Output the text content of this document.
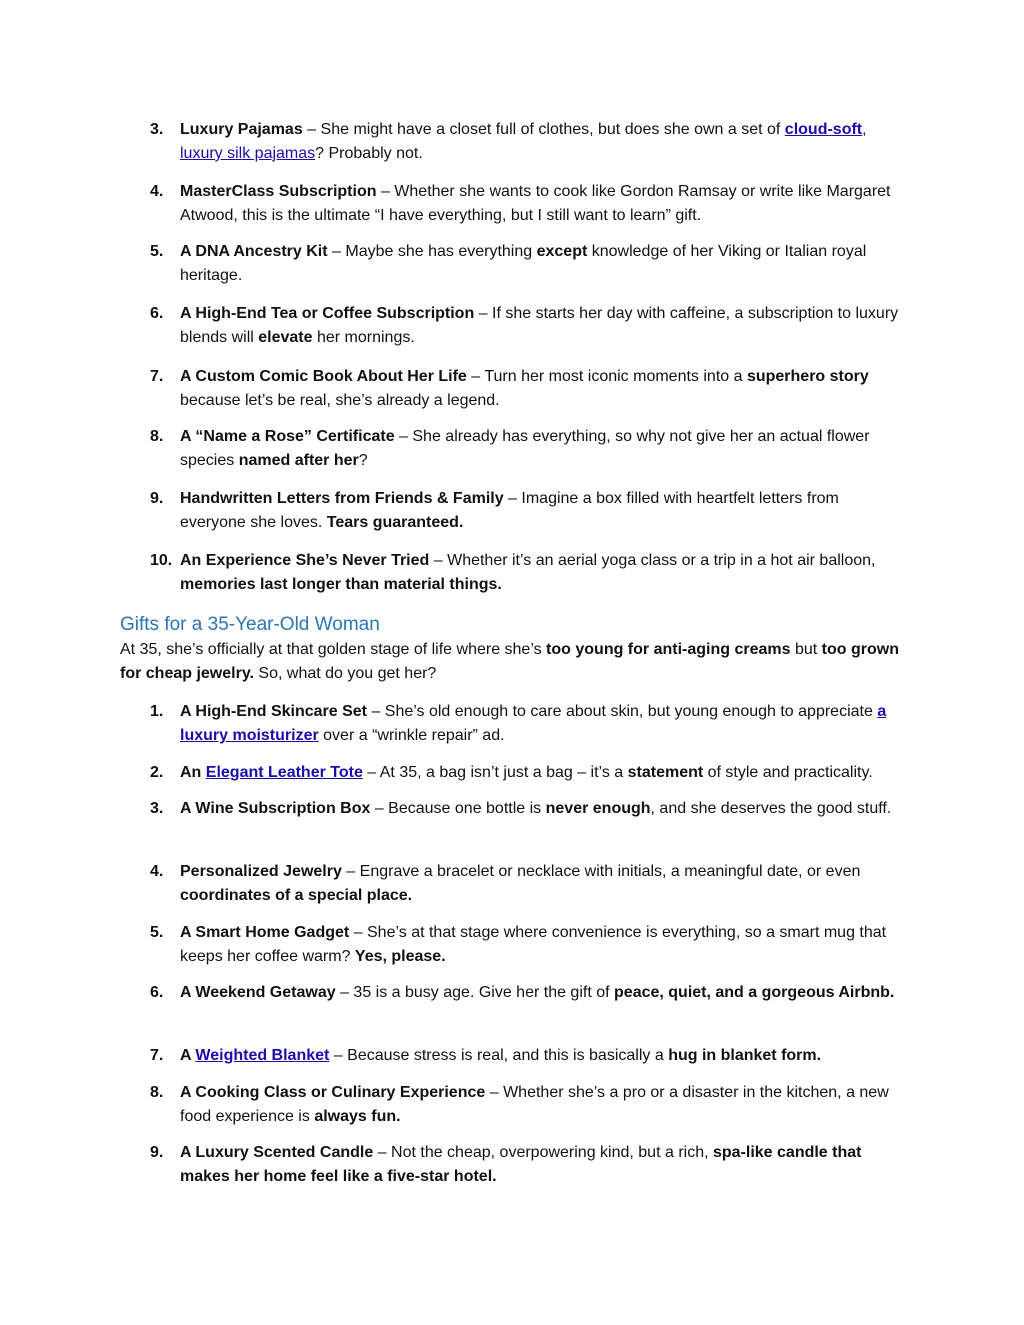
3. Luxury Pajamas – She might have a closet full of clothes, but does she own a set of cloud-soft,
luxury silk pajamas? Probably not.
4. MasterClass Subscription – Whether she wants to cook like Gordon Ramsay or write like Margaret Atwood, this is the ultimate “I have everything, but I still want to learn” gift.
5. A DNA Ancestry Kit – Maybe she has everything except knowledge of her Viking or Italian royal heritage.
6. A High-End Tea or Coffee Subscription – If she starts her day with caffeine, a subscription to luxury blends will elevate her mornings.
7. A Custom Comic Book About Her Life – Turn her most iconic moments into a superhero story because let’s be real, she’s already a legend.
8. A “Name a Rose” Certificate – She already has everything, so why not give her an actual flower species named after her?
9. Handwritten Letters from Friends & Family – Imagine a box filled with heartfelt letters from everyone she loves. Tears guaranteed.
10. An Experience She’s Never Tried – Whether it’s an aerial yoga class or a trip in a hot air balloon, memories last longer than material things.
Gifts for a 35-Year-Old Woman

At 35, she’s officially at that golden stage of life where she’s too young for anti-aging creams but too grown for cheap jewelry. So, what do you get her?

1. A High-End Skincare Set – She’s old enough to care about skin, but young enough to appreciate a luxury moisturizer over a “wrinkle repair” ad.
2. An Elegant Leather Tote – At 35, a bag isn’t just a bag – it’s a statement of style and practicality.
3. A Wine Subscription Box – Because one bottle is never enough, and she deserves the good stuff.
4. Personalized Jewelry – Engrave a bracelet or necklace with initials, a meaningful date, or even coordinates of a special place.
5. A Smart Home Gadget – She’s at that stage where convenience is everything, so a smart mug that keeps her coffee warm? Yes, please.
6. A Weekend Getaway – 35 is a busy age. Give her the gift of peace, quiet, and a gorgeous Airbnb.
7. A Weighted Blanket – Because stress is real, and this is basically a hug in blanket form.
8. A Cooking Class or Culinary Experience – Whether she’s a pro or a disaster in the kitchen, a new food experience is always fun.
9. A Luxury Scented Candle – Not the cheap, overpowering kind, but a rich, spa-like candle that makes her home feel like a five-star hotel.
